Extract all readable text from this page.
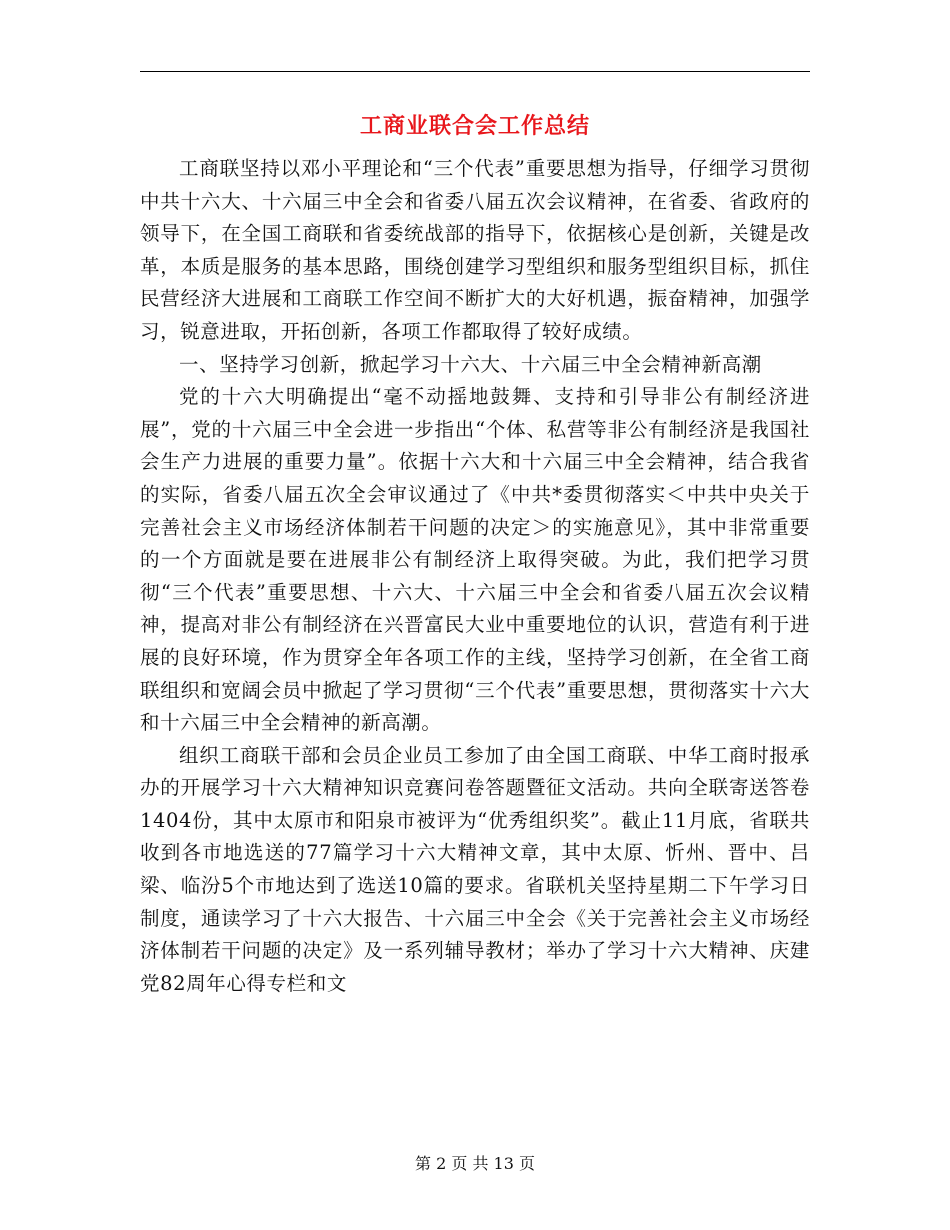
工商业联合会工作总结

工商联坚持以邓小平理论和“三个代表”重要思想为指导，仔细学习贯彻中共十六大、十六届三中全会和省委八届五次会议精神，在省委、省政府的领导下，在全国工商联和省委统战部的指导下，依据核心是创新，关键是改革，本质是服务的基本思路，围绕创建学习型组织和服务型组织目标，抓住民营经济大进展和工商联工作空间不断扩大的大好机遇，振奋精神，加强学习，锐意进取，开拓创新，各项工作都取得了较好成绩。

一、坚持学习创新，掀起学习十六大、十六届三中全会精神新高潮

党的十六大明确提出“毫不动摇地鼓舞、支持和引导非公有制经济进展”，党的十六届三中全会进一步指出“个体、私营等非公有制经济是我国社会生产力进展的重要力量”。依据十六大和十六届三中全会精神，结合我省的实际，省委八届五次全会审议通过了《中共*委贯彻落实＜中共中央关于完善社会主义市场经济体制若干问题的决定＞的实施意见》，其中非常重要的一个方面就是要在进展非公有制经济上取得突破。为此，我们把学习贯彻“三个代表”重要思想、十六大、十六届三中全会和省委八届五次会议精神，提高对非公有制经济在兴晋富民大业中重要地位的认识，营造有利于进展的良好环境，作为贯穿全年各项工作的主线，坚持学习创新，在全省工商联组织和宽阔会员中掀起了学习贯彻“三个代表”重要思想，贯彻落实十六大和十六届三中全会精神的新高潮。

组织工商联干部和会员企业员工参加了由全国工商联、中华工商时报承办的开展学习十六大精神知识竞赛问卷答题暨征文活动。共向全联寄送答卷1404份，其中太原市和阳泉市被评为“优秀组织奖”。截止11月底，省联共收到各市地选送的77篇学习十六大精神文章，其中太原、忻州、晋中、吕梁、临汾5个市地达到了选送10篇的要求。省联机关坚持星期二下午学习日制度，通读学习了十六大报告、十六届三中全会《关于完善社会主义市场经济体制若干问题的决定》及一系列辅导教材；举办了学习十六大精神、庆建党82周年心得专栏和文

第 2 页 共 13 页
